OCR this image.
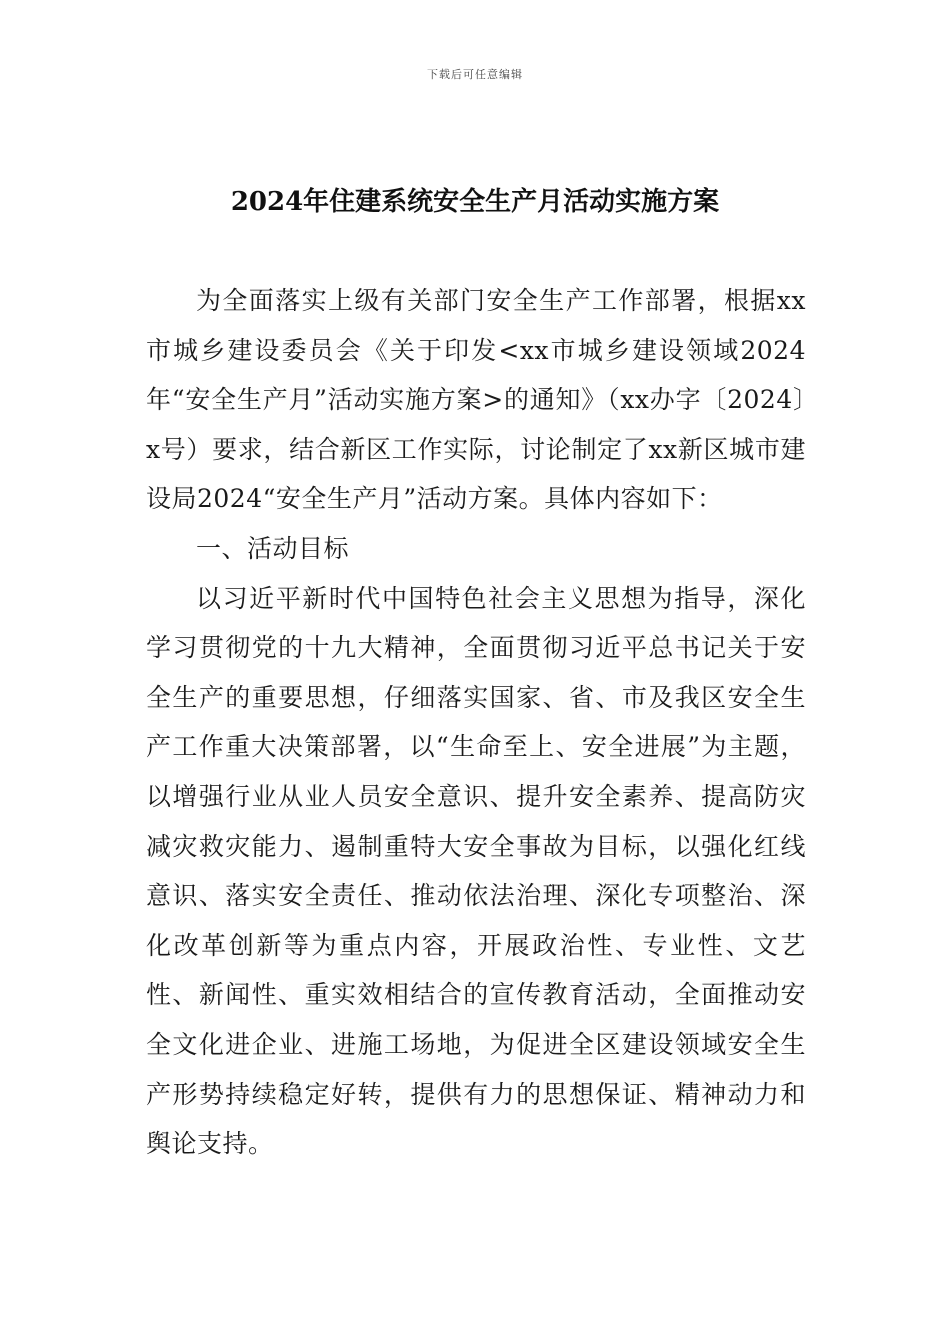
下载后可任意编辑
2024年住建系统安全生产月活动实施方案

为全面落实上级有关部门安全生产工作部署，根据xx市城乡建设委员会《关于印发<xx市城乡建设领域2024年“安全生产月”活动实施方案>的通知》（xx办字〔2024〕x号）要求，结合新区工作实际，讨论制定了xx新区城市建设局2024“安全生产月”活动方案。具体内容如下：

一、活动目标

以习近平新时代中国特色社会主义思想为指导，深化学习贯彻党的十九大精神，全面贯彻习近平总书记关于安全生产的重要思想，仔细落实国家、省、市及我区安全生产工作重大决策部署，以“生命至上、安全进展”为主题，以增强行业从业人员安全意识、提升安全素养、提高防灾减灾救灾能力、遏制重特大安全事故为目标，以强化红线意识、落实安全责任、推动依法治理、深化专项整治、深化改革创新等为重点内容，开展政治性、专业性、文艺性、新闻性、重实效相结合的宣传教育活动，全面推动安全文化进企业、进施工场地，为促进全区建设领域安全生产形势持续稳定好转，提供有力的思想保证、精神动力和舆论支持。
